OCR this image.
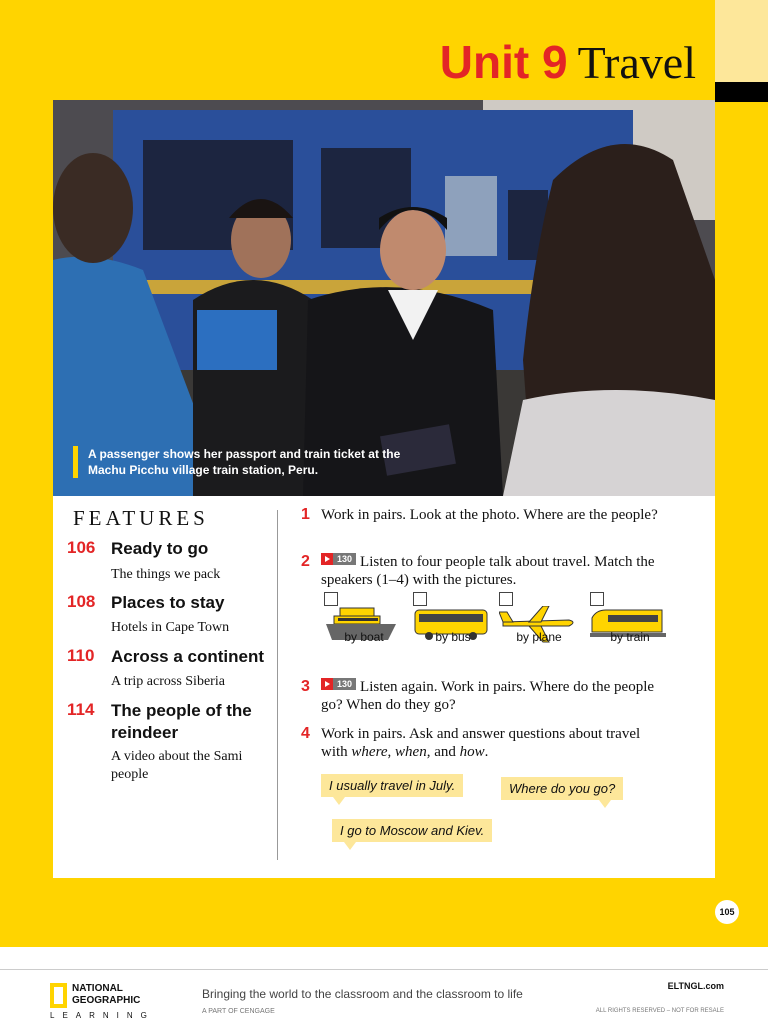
Unit 9 Travel
A passenger shows her passport and train ticket at the Machu Picchu village train station, Peru.
FEATURES
106 Ready to go
The things we pack
108 Places to stay
Hotels in Cape Town
110 Across a continent
A trip across Siberia
114 The people of the reindeer
A video about the Sami people
1 Work in pairs. Look at the photo. Where are the people?
2	130 Listen to four people talk about travel. Match the speakers (1–4) with the pictures.
by boat	by bus	by plane	by train
3	130 Listen again. Work in pairs. Where do the people go? When do they go?
4 Work in pairs. Ask and answer questions about travel with where, when, and how.
I usually travel in July.	Where do you go?
I go to Moscow and Kiev.
105
NATIONAL
GEOGRAPHIC
LEARNING
Bringing the world to the classroom and the classroom to life
A PART OF CENGAGE
ELTNGL.com
ALL RIGHTS RESERVED – NOT FOR RESALE
